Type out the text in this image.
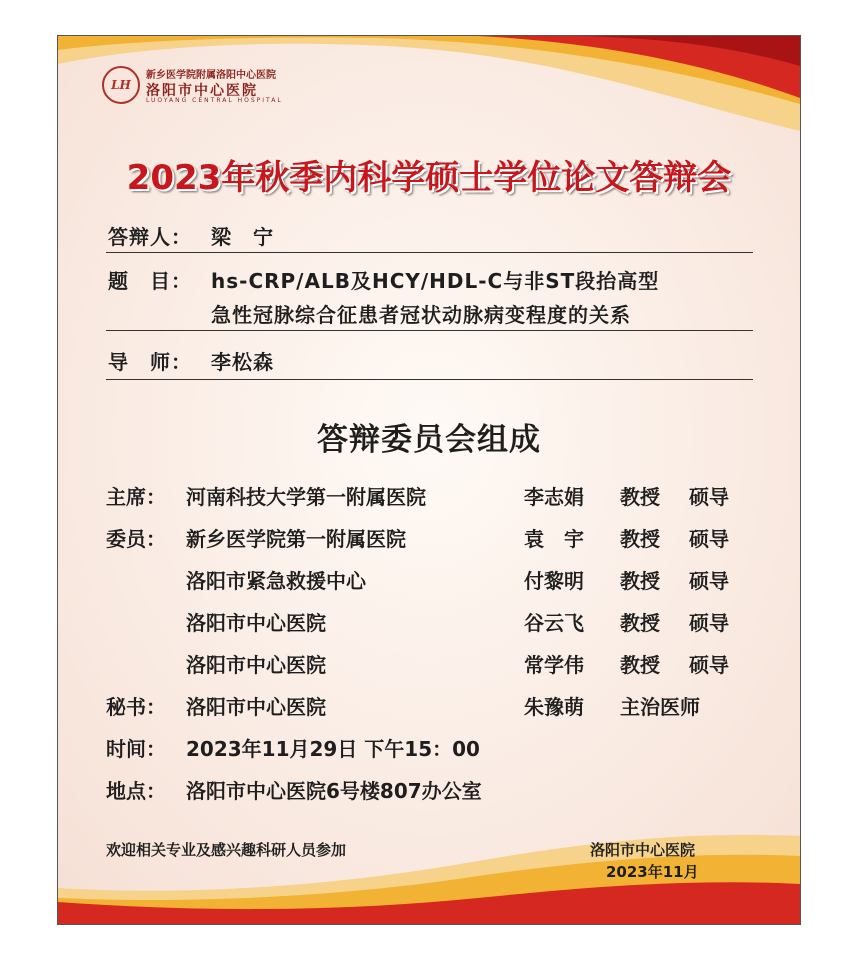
LH
新乡医学院附属洛阳中心医院
洛阳市中心医院
LUOYANG CENTRAL HOSPITAL
2023年秋季内科学硕士学位论文答辩会
答辩人： 梁　宁
题　目： hs-CRP/ALB及HCY/HDL-C与非ST段抬高型
急性冠脉综合征患者冠状动脉病变程度的关系
导　师： 李松森
答辩委员会组成
主席： 河南科技大学第一附属医院	李志娟 教授 硕导
委员： 新乡医学院第一附属医院	袁　宇 教授 硕导
洛阳市紧急救援中心	付黎明 教授 硕导
洛阳市中心医院	谷云飞 教授 硕导
洛阳市中心医院	常学伟 教授 硕导
秘书： 洛阳市中心医院	朱豫萌 主治医师
时间： 2023年11月29日 下午15：00
地点： 洛阳市中心医院6号楼807办公室
欢迎相关专业及感兴趣科研人员参加	洛阳市中心医院
2023年11月
